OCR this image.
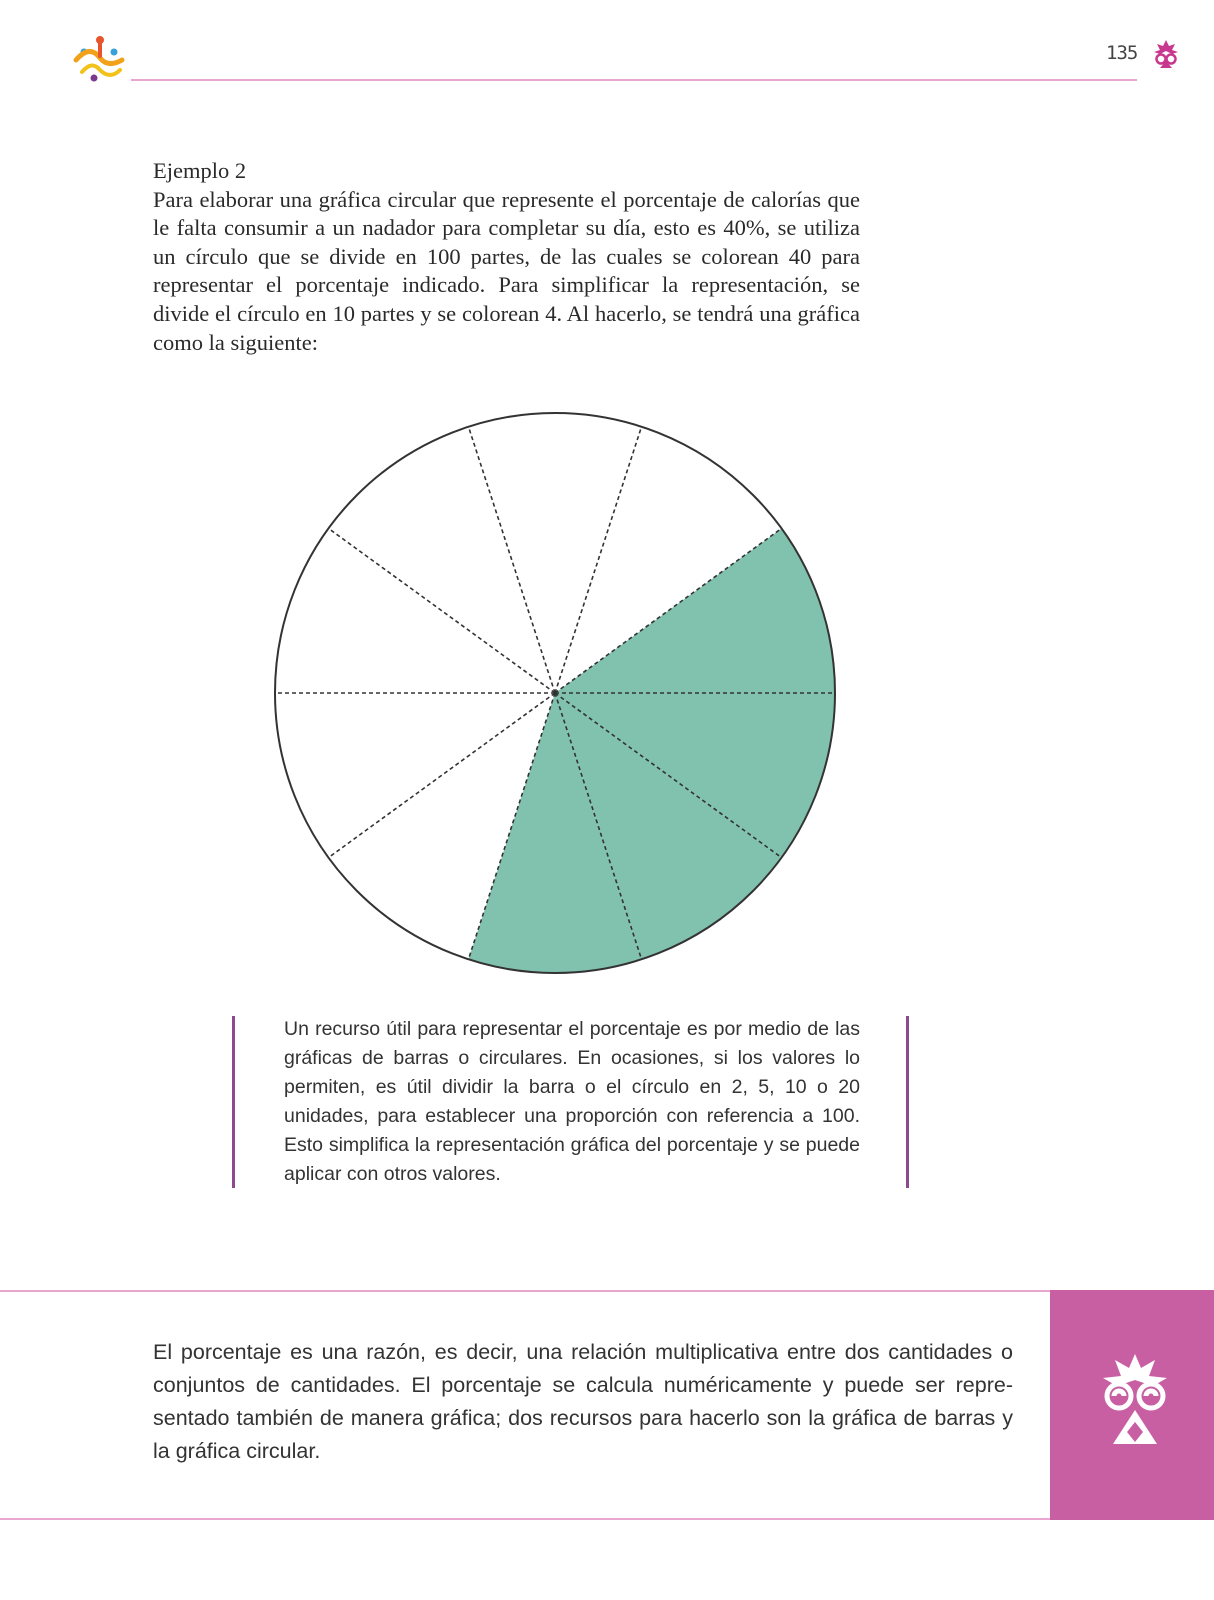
135
Ejemplo 2
Para elaborar una gráfica circular que represente el porcentaje de calorías que le falta consumir a un nadador para completar su día, esto es 40%, se utiliza un círculo que se divide en 100 partes, de las cuales se colorean 40 para representar el porcentaje indicado. Para simplificar la representación, se divide el círculo en 10 partes y se colorean 4. Al hacerlo, se tendrá una gráfica como la siguiente:
Un recurso útil para representar el porcentaje es por medio de las gráficas de barras o circulares. En ocasiones, si los valores lo permiten, es útil dividir la barra o el círculo en 2, 5, 10 o 20 unidades, para establecer una proporción con referencia a 100. Esto simplifica la representación gráfica del porcentaje y se puede aplicar con otros valores.
El porcentaje es una razón, es decir, una relación multiplicativa entre dos cantidades o conjuntos de cantidades. El porcentaje se calcula numéricamente y puede ser repre-sentado también de manera gráfica; dos recursos para hacerlo son la gráfica de barras y la gráfica circular.
